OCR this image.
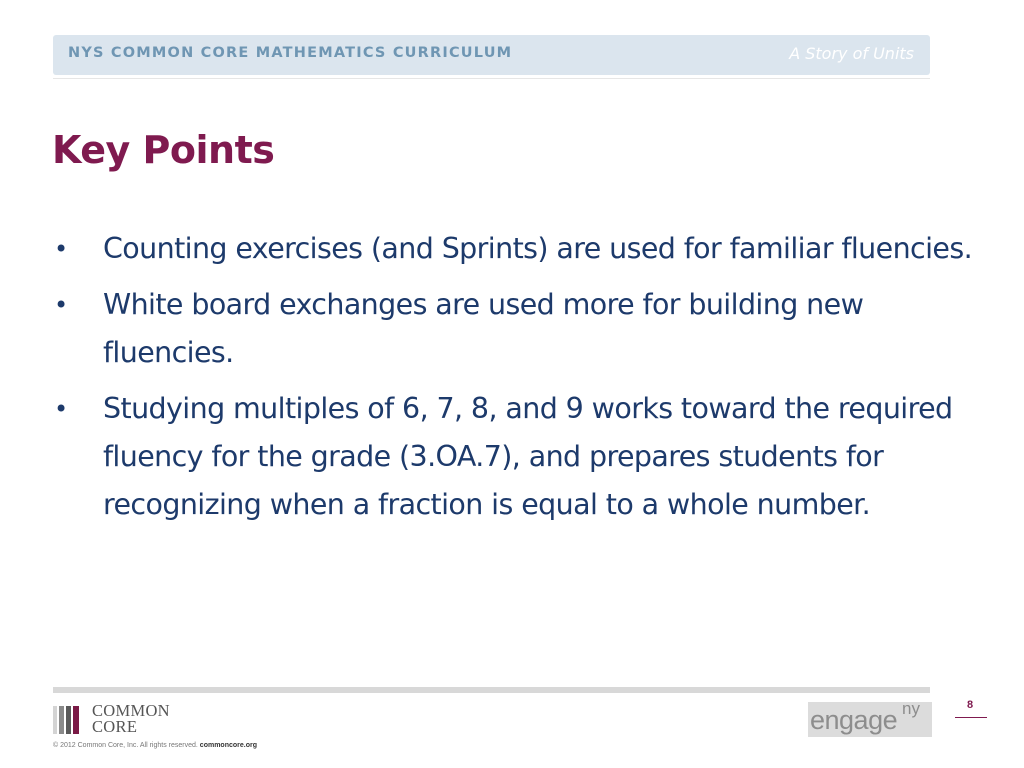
NYS COMMON CORE MATHEMATICS CURRICULUM	A Story of Units
Key Points
• Counting exercises (and Sprints) are used for familiar fluencies.
• White board exchanges are used more for building new fluencies.
• Studying multiples of 6, 7, 8, and 9 works toward the required fluency for the grade (3.OA.7), and prepares students for recognizing when a fraction is equal to a whole number.
COMMON
CORE
© 2012 Common Core, Inc. All rights reserved. commoncore.org
engage ny	8
